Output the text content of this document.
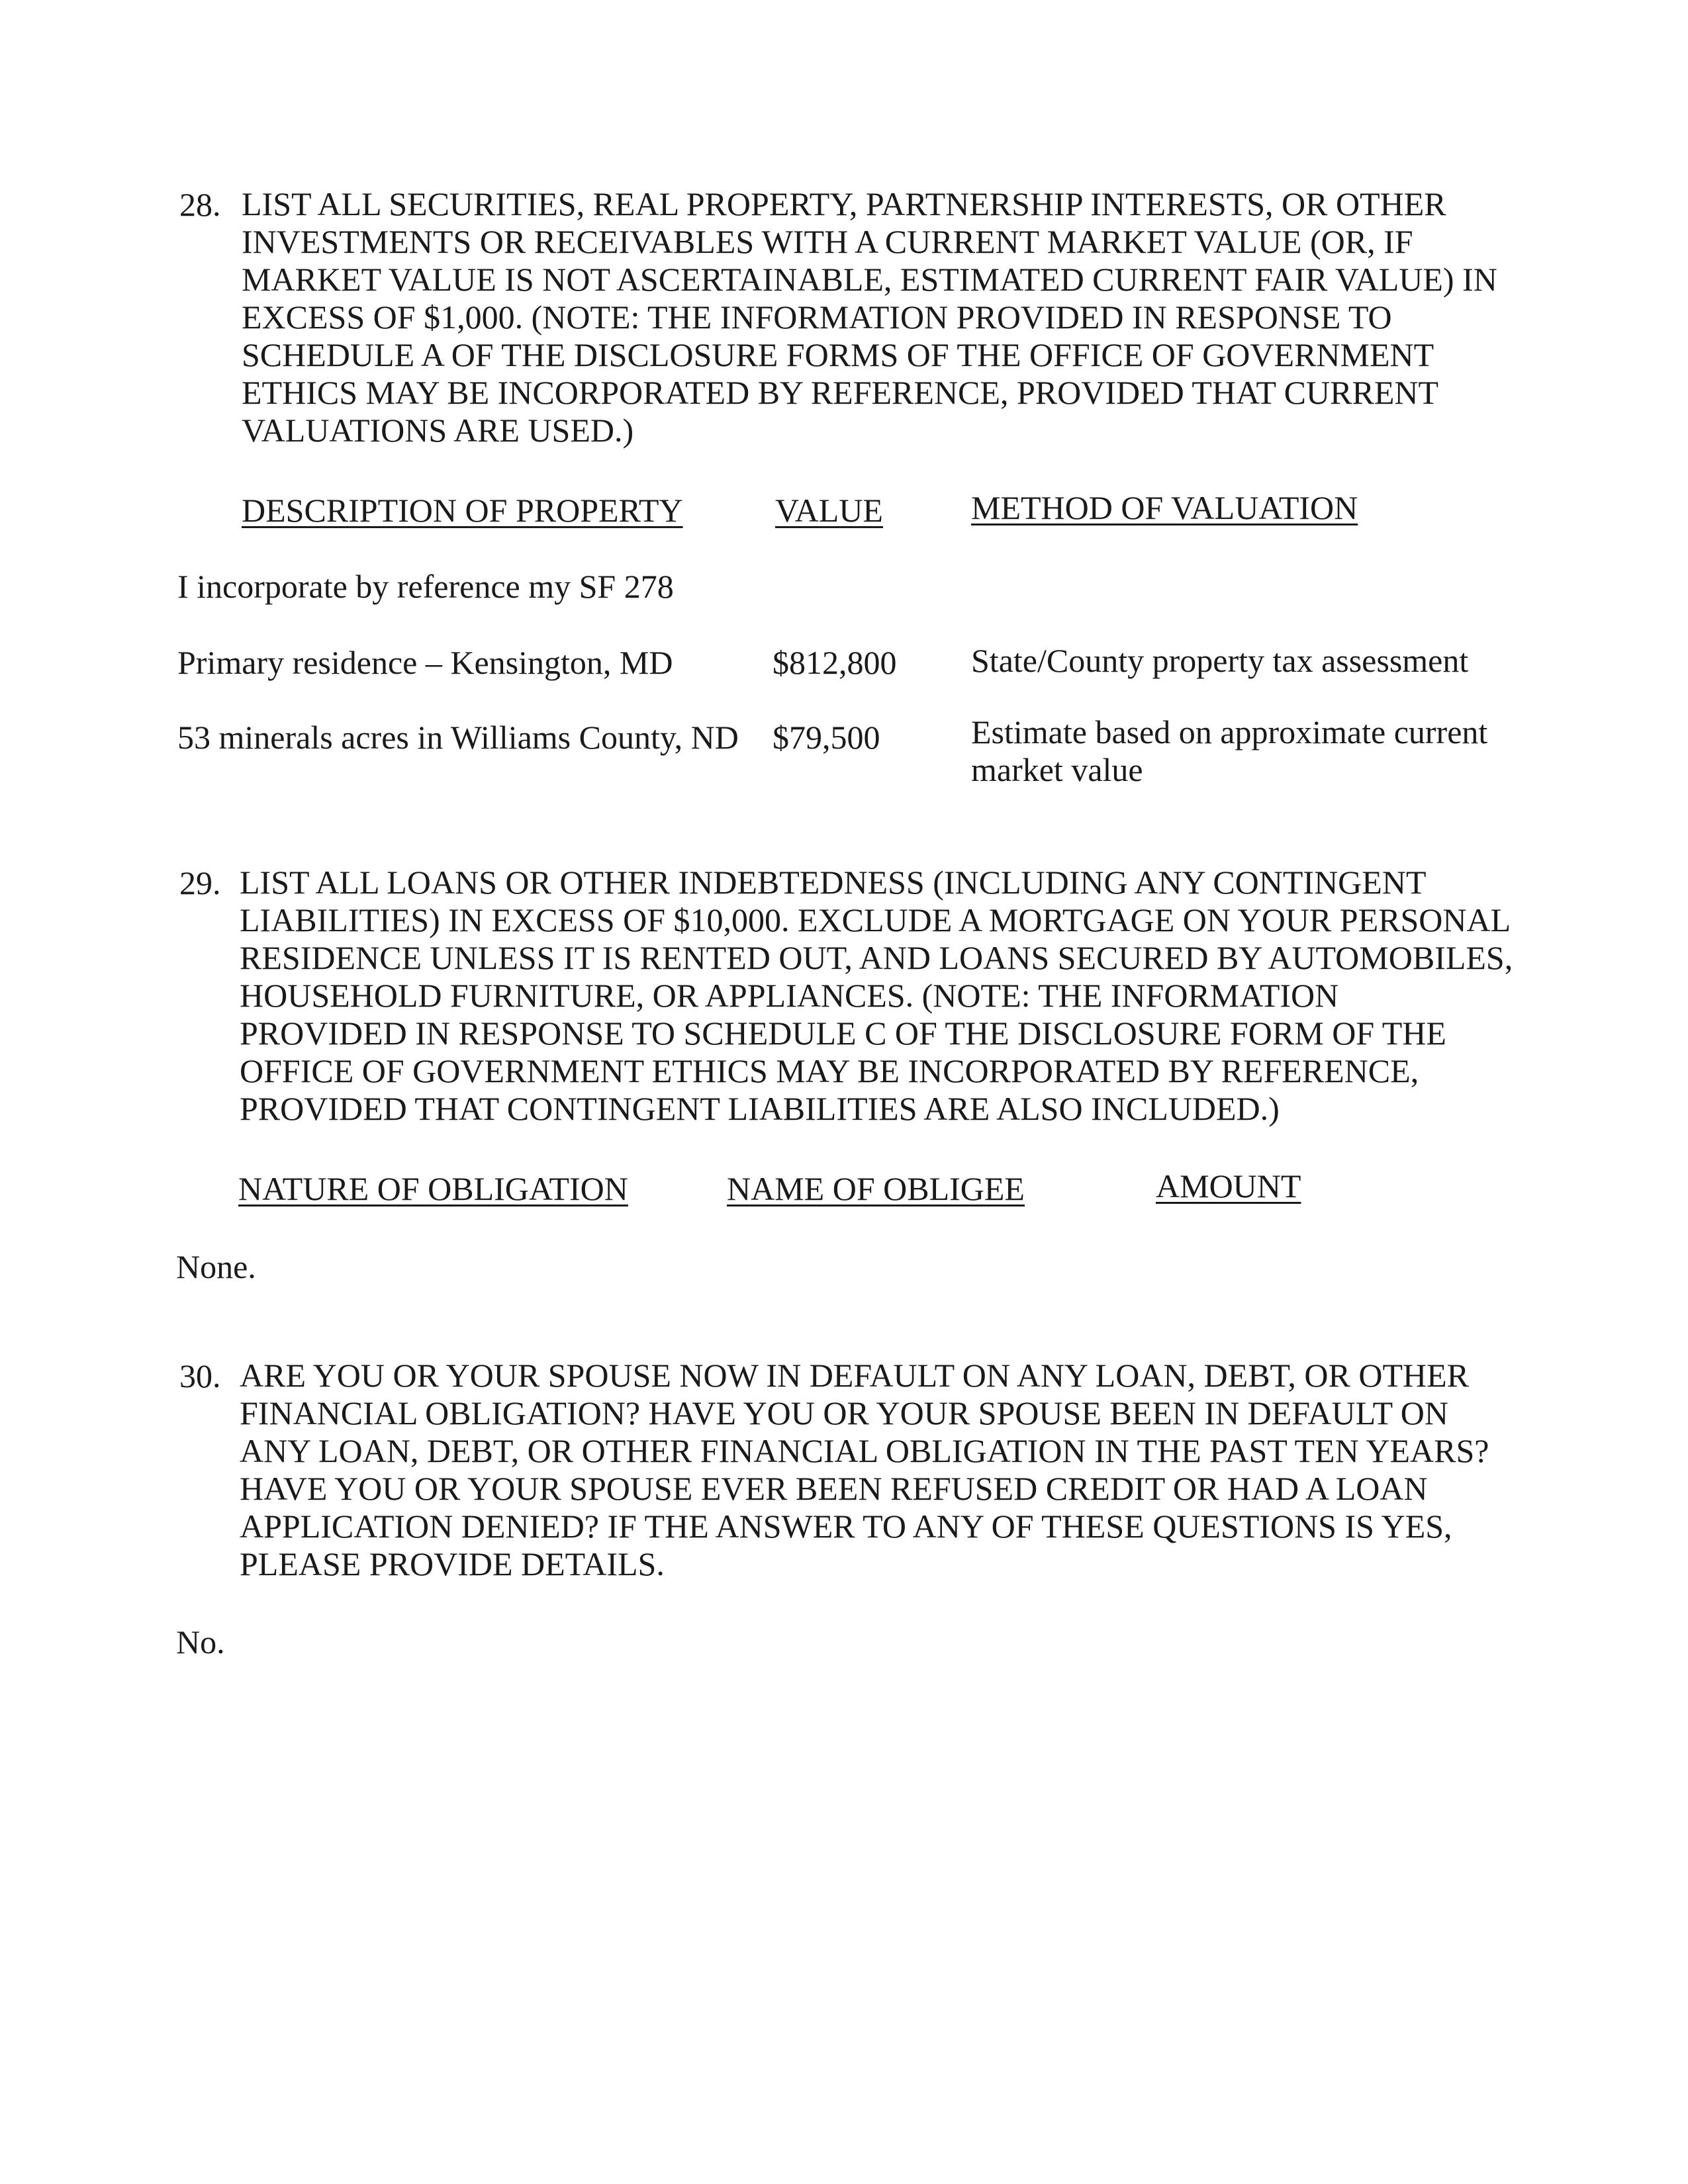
28. LIST ALL SECURITIES, REAL PROPERTY, PARTNERSHIP INTERESTS, OR OTHER
INVESTMENTS OR RECEIVABLES WITH A CURRENT MARKET VALUE (OR, IF
MARKET VALUE IS NOT ASCERTAINABLE, ESTIMATED CURRENT FAIR VALUE) IN
EXCESS OF $1,000. (NOTE: THE INFORMATION PROVIDED IN RESPONSE TO
SCHEDULE A OF THE DISCLOSURE FORMS OF THE OFFICE OF GOVERNMENT
ETHICS MAY BE INCORPORATED BY REFERENCE, PROVIDED THAT CURRENT
VALUATIONS ARE USED.)
DESCRIPTION OF PROPERTY	VALUE	METHOD OF VALUATION
I incorporate by reference my SF 278
Primary residence – Kensington, MD	$812,800 State/County property tax assessment
53 minerals acres in Williams County, ND $79,500	Estimate based on approximate current
market value
29. LIST ALL LOANS OR OTHER INDEBTEDNESS (INCLUDING ANY CONTINGENT
LIABILITIES) IN EXCESS OF $10,000. EXCLUDE A MORTGAGE ON YOUR PERSONAL
RESIDENCE UNLESS IT IS RENTED OUT, AND LOANS SECURED BY AUTOMOBILES,
HOUSEHOLD FURNITURE, OR APPLIANCES. (NOTE: THE INFORMATION
PROVIDED IN RESPONSE TO SCHEDULE C OF THE DISCLOSURE FORM OF THE
OFFICE OF GOVERNMENT ETHICS MAY BE INCORPORATED BY REFERENCE,
PROVIDED THAT CONTINGENT LIABILITIES ARE ALSO INCLUDED.)
NATURE OF OBLIGATION	NAME OF OBLIGEE	AMOUNT
None.
30. ARE YOU OR YOUR SPOUSE NOW IN DEFAULT ON ANY LOAN, DEBT, OR OTHER
FINANCIAL OBLIGATION? HAVE YOU OR YOUR SPOUSE BEEN IN DEFAULT ON
ANY LOAN, DEBT, OR OTHER FINANCIAL OBLIGATION IN THE PAST TEN YEARS?
HAVE YOU OR YOUR SPOUSE EVER BEEN REFUSED CREDIT OR HAD A LOAN
APPLICATION DENIED? IF THE ANSWER TO ANY OF THESE QUESTIONS IS YES,
PLEASE PROVIDE DETAILS.
No.
